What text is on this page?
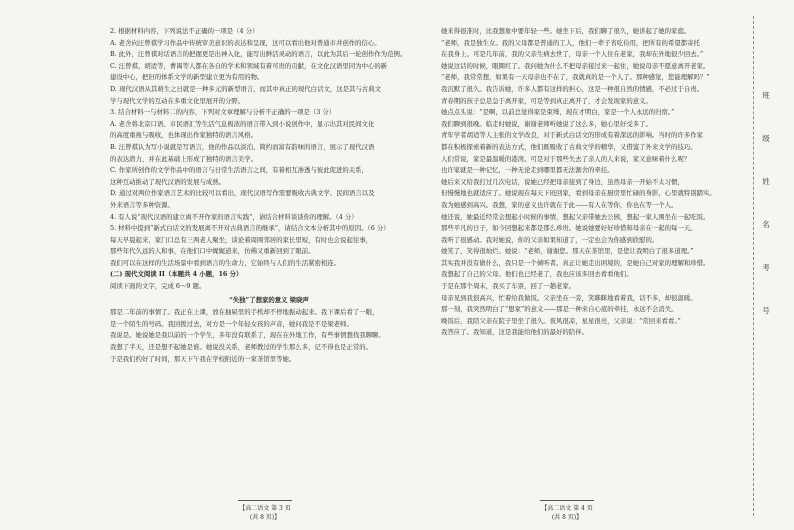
2. 根据材料内容，下列说法不正确的一项是（4 分）

A. 老舍向汪曾祺学习作品中传统审美意识的表达和呈现，这可以看出他对普通市井创作的信心。

B. 此外，汪曾祺对话语言的把握更是出神入化，能写出鲜活灵动的语言，以此为其后一轮创作作为范例。

C. 汪曾祺、胡适等，曹禺等人都在各自的学术和领域有着可贵的贡献，在文化汉语里同为中心的新

建设中心，把旧的体系文学的新型建立更为有用的物。

D. 现代汉语从其萌生之日就是一种多元的新型语言，而其中真正的现代白话文，这是其与古典文

学与现代文学的互动在多重文化里展开的分野。

3. 结合材料一与材料二的内容，下列对文章理解与分析不正确的一项是（3 分）

A. 老舍将北京口语、市民语汇等生活气息极浓的语言带入到小说创作中，显示出其对民间文化

的高度重视与吸收，也体现出作家独特的语言风格。

B. 汪曾祺认为写小说就是写语言，他的作品以淡泊、简约而富有韵味的语言，展示了现代汉语

的表达潜力，并在此基础上形成了独特的语言美学。

C. 作家所创作的文学作品中的语言与日常生活语言之间，有着相互渗透与彼此促进的关系，

这种互动推动了现代汉语的发展与成熟。

D. 通过对两位作家语言艺术的比较可以看出，现代汉语写作需要吸收古典文学、民间语言以及

外来语言等多种资源。

4. 有人说“现代汉语的建立离不开作家的语言实践”，请结合材料谈谈你的理解。（4 分）

5. 材料中提到“新式白话文的发展离不开对古典语言的继承”，请结合文本分析其中的原因。（6 分）

每天早晨起来，家门口总有三两老人聚坐，谈论着周围邻居的家长里短，有时也会说起往事，

那些年代久远的人和事，在他们口中娓娓道来，仿佛又重新回到了眼前。

我们可以在这样的生活场景中看到语言的生命力，它始终与人们的生活紧密相连。

(二) 现代文阅读 II（本题共 4 小题，16 分）

阅读下面的文字，完成 6～9 题。

“失独”了想家的意义 梁晓声

那是二年前的事情了。我正在上课，放在抽屉里的手机却不停地振动起来。我下课后看了一眼，

是一个陌生的号码。我回拨过去，对方是一个年轻女孩的声音，她问我是不是梁老师。

我说是。她说她是我以前的一个学生，多年没有联系了，现在在外地工作，有些事情想找我聊聊。

我想了半天，还是想不起她是谁。她说没关系，老师教过的学生那么多，记不得也是正常的。

于是我们约好了时间，那天下午我在学校附近的一家茶馆里等她。

她来得很准时，比我想象中要年轻一些。她坐下后，我们聊了很久，她讲起了她的家庭。

“老师，我是独生女。我的父母都是普通的工人，他们一辈子省吃俭用，把所有的希望都寄托

在我身上。可是几年前，我的父亲生病去世了，母亲一个人住在老家，我却在外地很少回去。”

她说这话的时候，眼圈红了。我问她为什么不把母亲接过来一起住，她说母亲不愿意离开老家。

“老师，我常常想，如果有一天母亲也不在了，我就真的是一个人了。那种感觉，您能理解吗？”

我沉默了很久。我告诉她，许多人都有这样的担心，这是一种很自然的情感，不必过于自责。

青春期的孩子总是急于离开家，可是等到真正离开了，才会发现家的意义。

她点点头说：“是啊，以前总觉得家是束缚，现在才明白，家是一个人永远的归宿。”

我们聊到很晚。临走时她说，谢谢老师听她说了这么多，她心里好受多了。

青年学者胡适等人主张的文学改良，对于新式白话文的形成有着深远的影响。当时的许多作家

都在积极探索着新的表达方式，他们既吸收了古典文学的精华，又借鉴了外来文学的技巧。

人们常说，家是最温暖的港湾。可是对于那些失去了亲人的人来说，家又意味着什么呢？

也许家就是一种记忆，一种无论走到哪里都无法割舍的牵挂。

她后来又给我打过几次电话，说她已经把母亲接到了身边，虽然母亲一开始不太习惯，

但慢慢地也就适应了。她说现在每天下班回家，看到母亲在厨房里忙碌的身影，心里就特别踏实。

我为她感到高兴。我想，家的意义也许就在于此——有人在等你，你也在等一个人。

她还说，她最近经常会想起小时候的事情，想起父亲带她去公园，想起一家人围坐在一起吃饭。

那些平凡的日子，如今回想起来都是那么珍贵。她说她要好好珍惜和母亲在一起的每一天。

我听了很感动。我对她说，你的父亲如果知道了，一定也会为你感到欣慰的。

她笑了，笑得很灿烂。她说：“老师，谢谢您。那天在茶馆里，是您让我明白了很多道理。”

其实我并没有做什么，我只是一个倾听者。真正让她走出困境的，是她自己对家的理解和珍惜。

我想起了自己的父母。他们也已经老了，我也应该多回去看看他们。

于是在那个周末，我买了车票，回了一趟老家。

母亲见到我很高兴，忙着给我做饭。父亲坐在一旁，笑眯眯地看着我，话不多，却很温暖。

那一刻，我突然明白了“想家”的意义——那是一种来自心底的牵挂，永远不会消失。

晚饭后，我陪父亲在院子里坐了很久。夜风很凉，星星很亮，父亲说：“常回来看看。”

我答应了。我知道，这是我能给他们的最好的陪伴。

【高二语文 第 3 页(共 8 页)】
【高二语文 第 4 页(共 8 页)】
班
级
姓
名
考
号
